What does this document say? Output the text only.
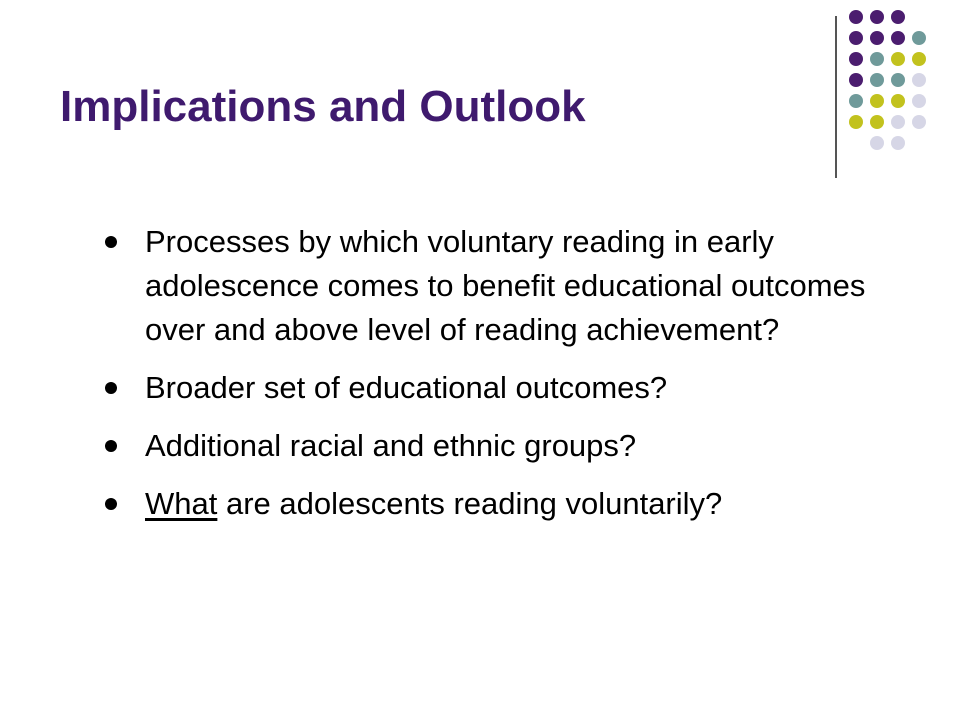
Implications and Outlook
Processes by which voluntary reading in early adolescence comes to benefit educational outcomes over and above level of reading achievement?
Broader set of educational outcomes?
Additional racial and ethnic groups?
What are adolescents reading voluntarily?
